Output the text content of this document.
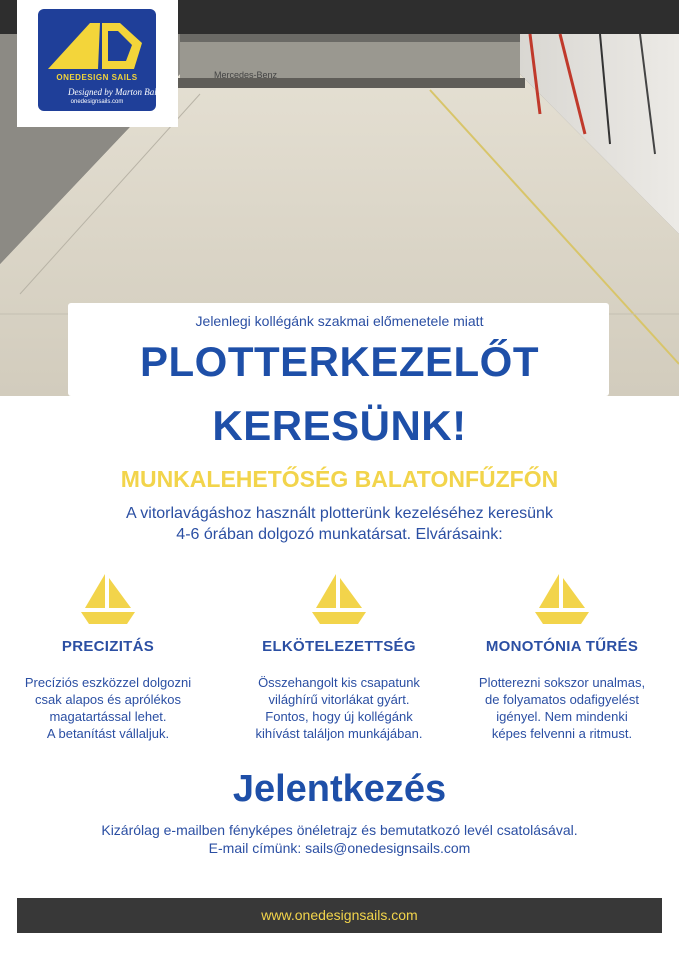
Mercedes-Benz
Designed by Marton Balazs
ONEDESIGN SAILS
onedesignsails.com
Jelenlegi kollégánk szakmai előmenetele miatt
PLOTTERKEZELŐT
KERESÜNK!
MUNKALEHETŐSÉG BALATONFŰZFŐN
A vitorlavágáshoz használt plotterünk kezeléséhez keresünk
4-6 órában dolgozó munkatársat. Elvárásaink:
PRECIZITÁS

Precíziós eszközzel dolgozni
csak alapos és aprólékos
magatartással lehet.
A betanítást vállaljuk.

ELKÖTELEZETTSÉG

Összehangolt kis csapatunk
világhírű vitorlákat gyárt.
Fontos, hogy új kollégánk
kihívást találjon munkájában.

MONOTÓNIA TŰRÉS

Plotterezni sokszor unalmas,
de folyamatos odafigyelést
igényel. Nem mindenki
képes felvenni a ritmust.

Jelentkezés
Kizárólag e-mailben fényképes önéletrajz és bemutatkozó levél csatolásával.
E-mail címünk: sails@onedesignsails.com
www.onedesignsails.com
